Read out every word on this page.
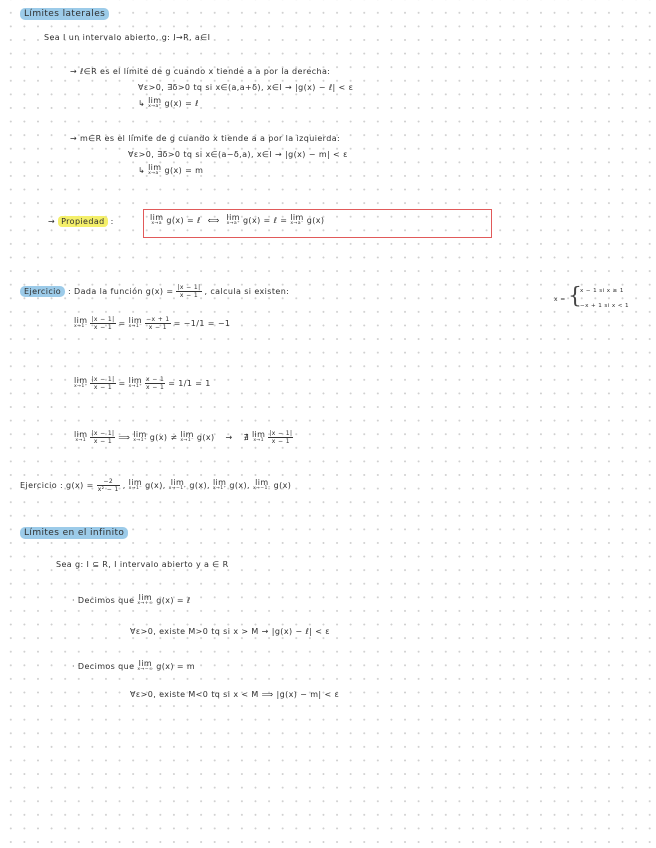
Límites laterales
Sea I un intervalo abierto, g: I→R, a∈I
→ ℓ∈R es el límite de g cuando x tiende a a por la derecha:
∀ε>0, ∃δ>0 tq si x∈(a,a+δ), x∈I → |g(x) − ℓ| < ε
↳ lim
x→a⁺ g(x) = ℓ
→ m∈R es el límite de g cuando x tiende a a por la izquierda:
∀ε>0, ∃δ>0 tq si x∈(a−δ,a), x∈I → |g(x) − m| < ε
↳ lim
x→a⁻ g(x) = m
→ Propiedad :	lim
x→a g(x) = ℓ ⟺ lim
x→a⁺ g(x) = ℓ = lim
x→a⁻ g(x)
Ejercicio : Dada la función $g(x) = \frac{|x - 1|}{x - 1}$ , calcula si existen:
x = {
x − 1 si x ≥ 1
−x + 1 si x < 1
lim
x→1⁻
$\frac{|x - 1|}{x - 1} = \lim$
x→1⁻
$\frac{-x + 1}{x - 1} = -1/1 = -1$
lim
x→1⁺
$\frac{|x - 1|}{x - 1} = \lim$
x→1⁺
$\frac{x - 1}{x - 1} = 1/1 = 1$
lim
x→1
$\frac{|x - 1|}{x - 1}$ ⟹ lim
x→1⁺ g(x) ≠ lim
x→1⁻ g(x) → ∄ lim
x→1
$\frac{|x - 1|}{x - 1}$
Ejercicio : $g(x) = \frac{-2}{\text{x² − 1}}$ , lim
x→1⁻ g(x), lim
x→−1⁺ g(x), lim
x→1⁺ g(x), lim
x→−1⁻ g(x)
Límites en el infinito
Sea g: I ⊆ R, I intervalo abierto y a ∈ R
· Decimos que lim
x→+∞ g(x) = ℓ
∀ε>0, existe M>0 tq si x > M → |g(x) − ℓ| < ε
· Decimos que lim
x→−∞ g(x) = m
∀ε>0, existe M<0 tq si x < M ⟹ |g(x) − m| < ε
